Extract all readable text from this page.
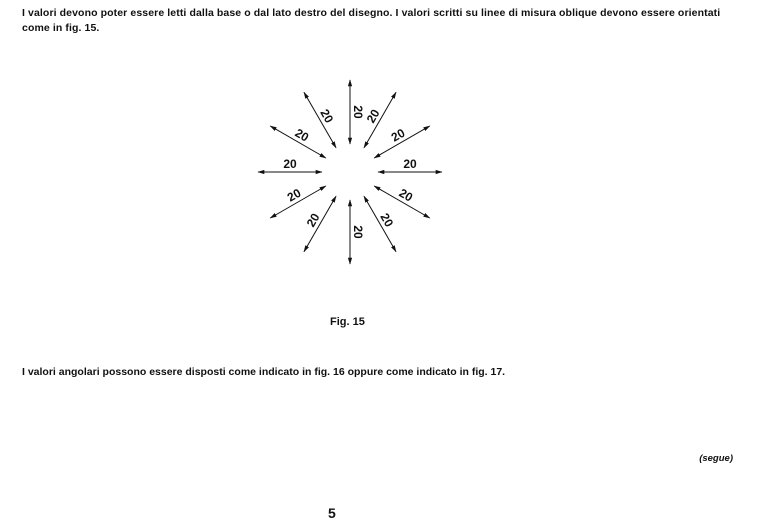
I valori devono poter essere letti dalla base o dal lato destro del disegno. I valori scritti su linee di misura oblique devono essere orientati come in fig. 15.

20
20
20
20
20
20
20
20
20 20
20
20

Fig. 15

I valori angolari possono essere disposti come indicato in fig. 16 oppure come indicato in fig. 17.

(segue)

5
